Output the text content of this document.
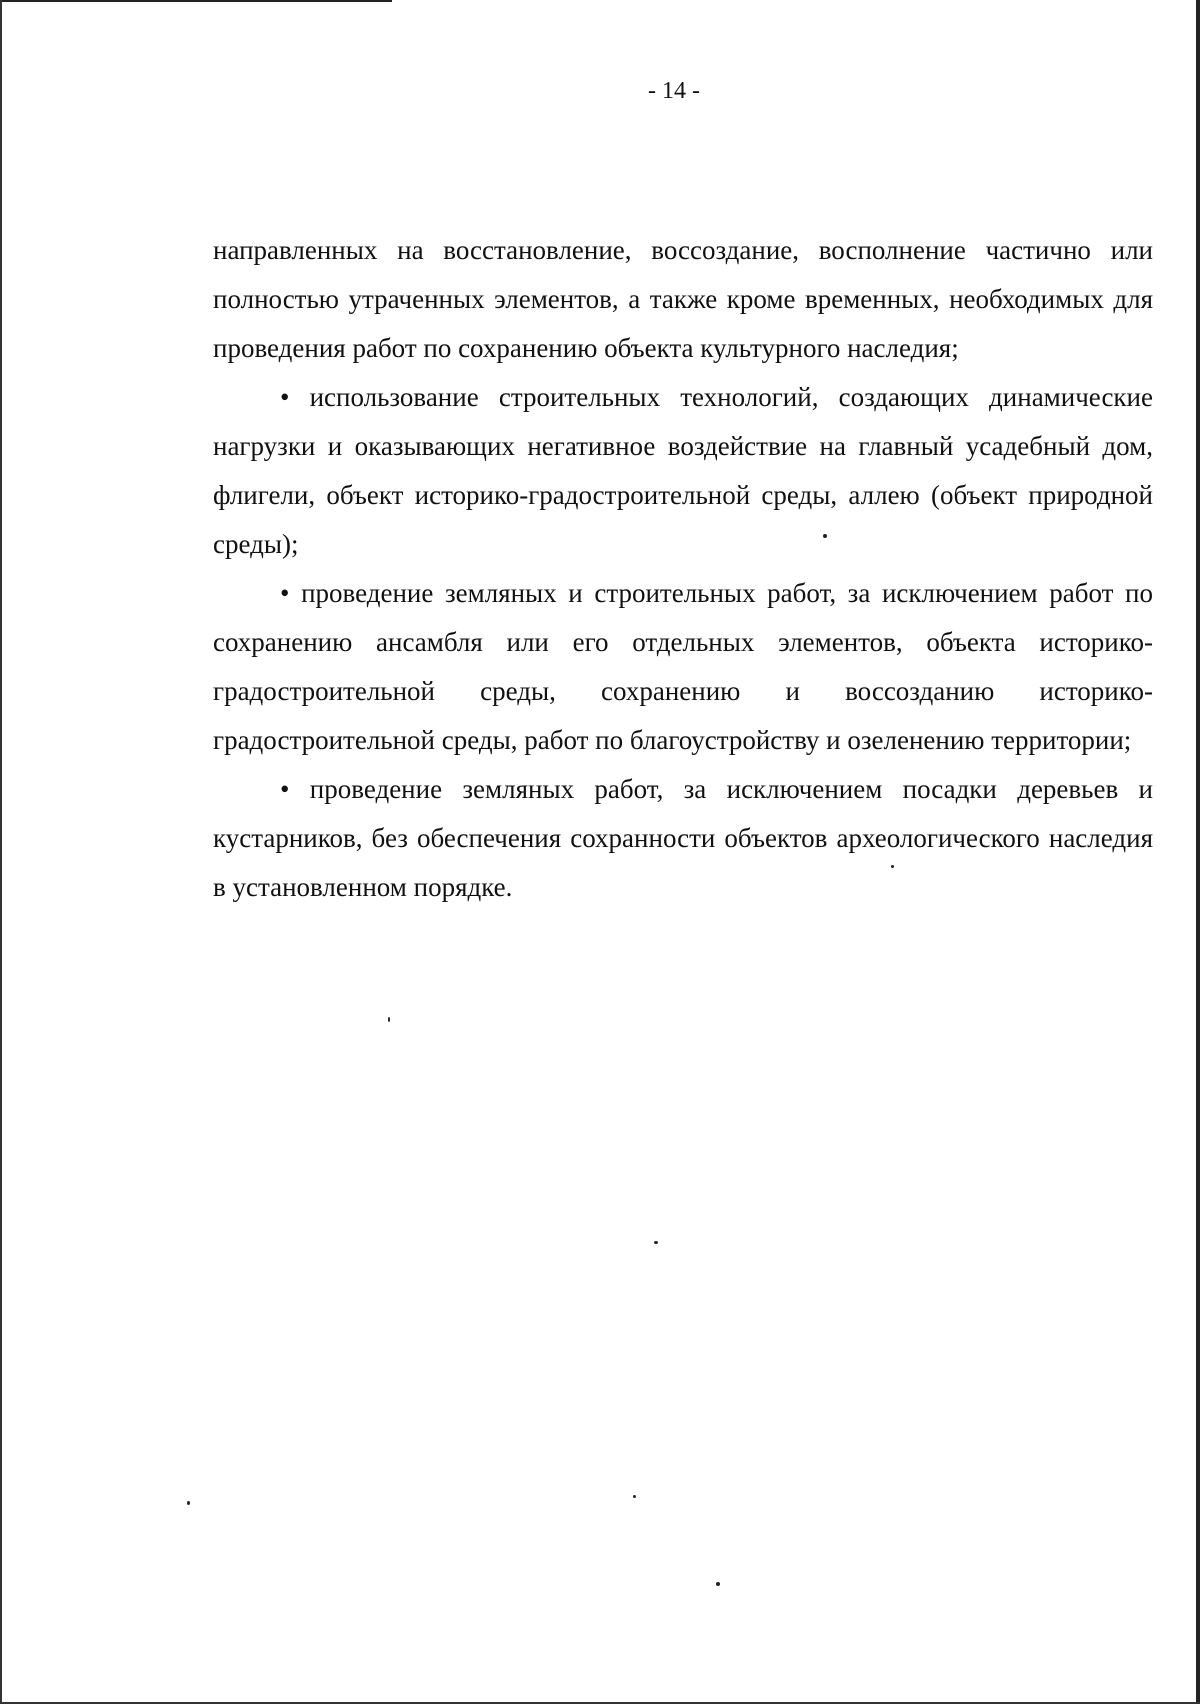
- 14 -

направленных на восстановление, воссоздание, восполнение частично или полностью утраченных элементов, а также кроме временных, необходимых для проведения работ по сохранению объекта культурного наследия;

• использование строительных технологий, создающих динамические нагрузки и оказывающих негативное воздействие на главный усадебный дом, флигели, объект историко-градостроительной среды, аллею (объект природной среды);

• проведение земляных и строительных работ, за исключением работ по сохранению ансамбля или его отдельных элементов, объекта историко-градостроительной среды, сохранению и воссозданию историко-градостроительной среды, работ по благоустройству и озеленению территории;

• проведение земляных работ, за исключением посадки деревьев и кустарников, без обеспечения сохранности объектов археологического наследия в установленном порядке.
